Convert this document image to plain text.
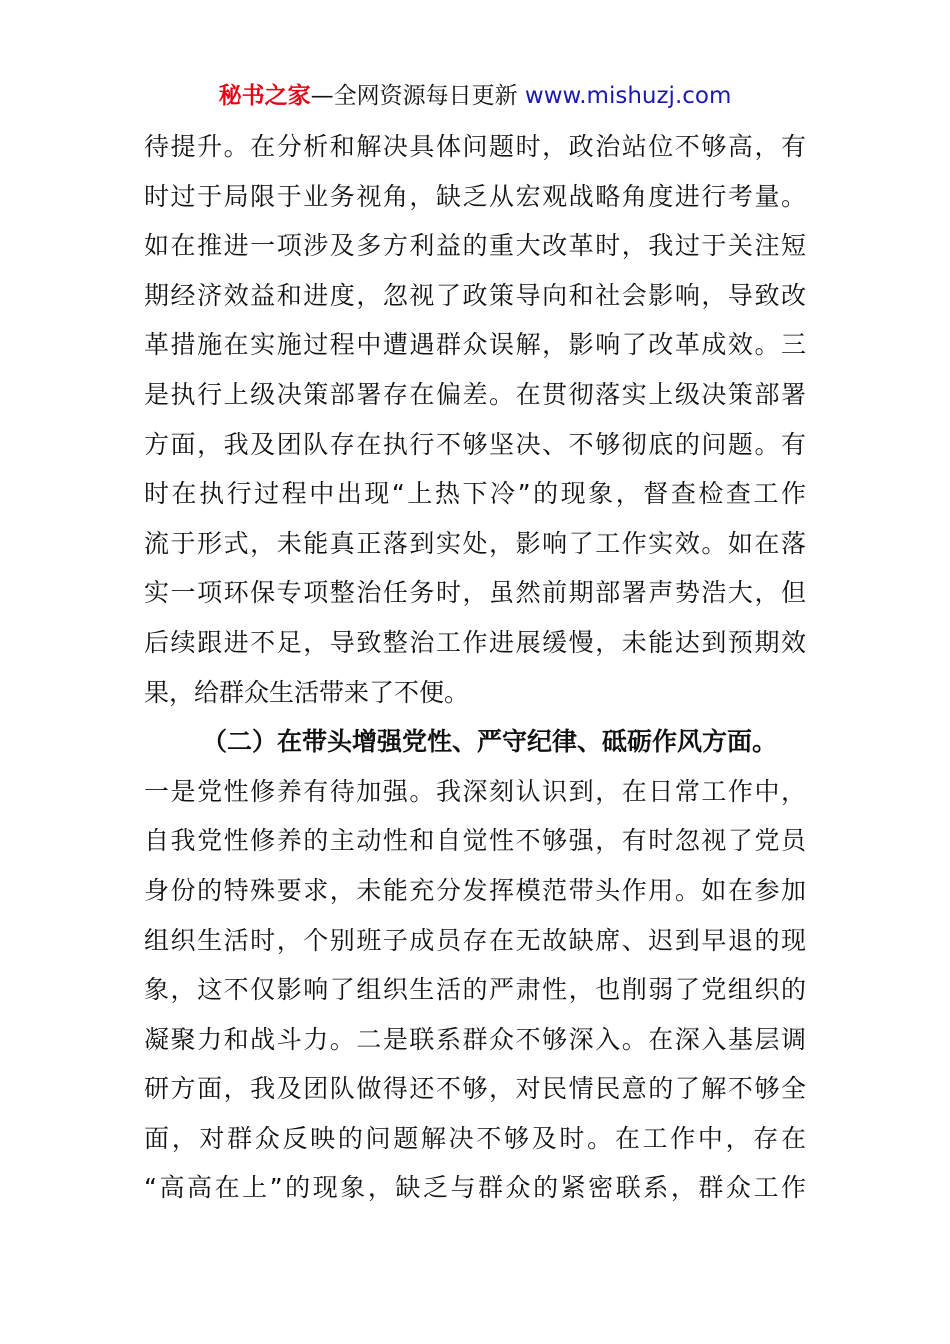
秘书之家—全网资源每日更新 www.mishuzj.com
待提升。在分析和解决具体问题时，政治站位不够高，有
时过于局限于业务视角，缺乏从宏观战略角度进行考量。
如在推进一项涉及多方利益的重大改革时，我过于关注短
期经济效益和进度，忽视了政策导向和社会影响，导致改
革措施在实施过程中遭遇群众误解，影响了改革成效。三
是执行上级决策部署存在偏差。在贯彻落实上级决策部署
方面，我及团队存在执行不够坚决、不够彻底的问题。有
时在执行过程中出现“上热下冷”的现象，督查检查工作
流于形式，未能真正落到实处，影响了工作实效。如在落
实一项环保专项整治任务时，虽然前期部署声势浩大，但
后续跟进不足，导致整治工作进展缓慢，未能达到预期效
果，给群众生活带来了不便。
（二）在带头增强党性、严守纪律、砥砺作风方面。
一是党性修养有待加强。我深刻认识到，在日常工作中，
自我党性修养的主动性和自觉性不够强，有时忽视了党员
身份的特殊要求，未能充分发挥模范带头作用。如在参加
组织生活时，个别班子成员存在无故缺席、迟到早退的现
象，这不仅影响了组织生活的严肃性，也削弱了党组织的
凝聚力和战斗力。二是联系群众不够深入。在深入基层调
研方面，我及团队做得还不够，对民情民意的了解不够全
面，对群众反映的问题解决不够及时。在工作中，存在
“高高在上”的现象，缺乏与群众的紧密联系，群众工作
